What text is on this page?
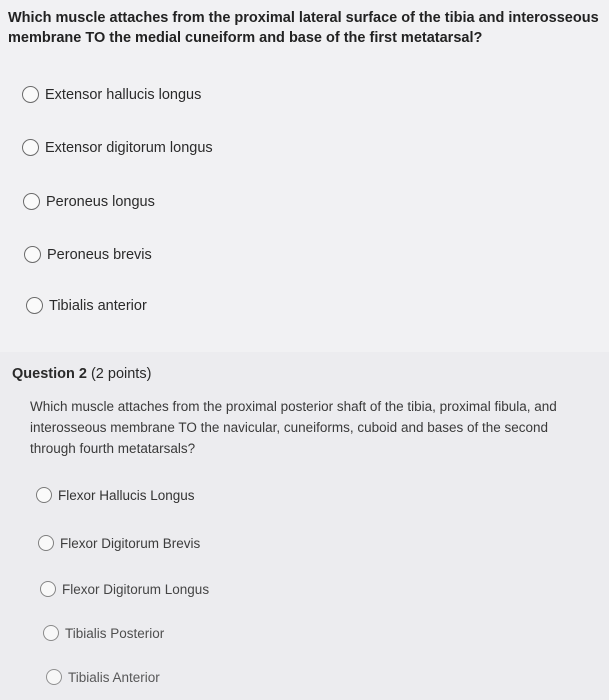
Which muscle attaches from the proximal lateral surface of the tibia and interosseous membrane TO the medial cuneiform and base of the first metatarsal?
Extensor hallucis longus
Extensor digitorum longus
Peroneus longus
Peroneus brevis
Tibialis anterior
Question 2 (2 points)
Which muscle attaches from the proximal posterior shaft of the tibia, proximal fibula, and interosseous membrane TO the navicular, cuneiforms, cuboid and bases of the second through fourth metatarsals?
Flexor Hallucis Longus
Flexor Digitorum Brevis
Flexor Digitorum Longus
Tibialis Posterior
Tibialis Anterior
